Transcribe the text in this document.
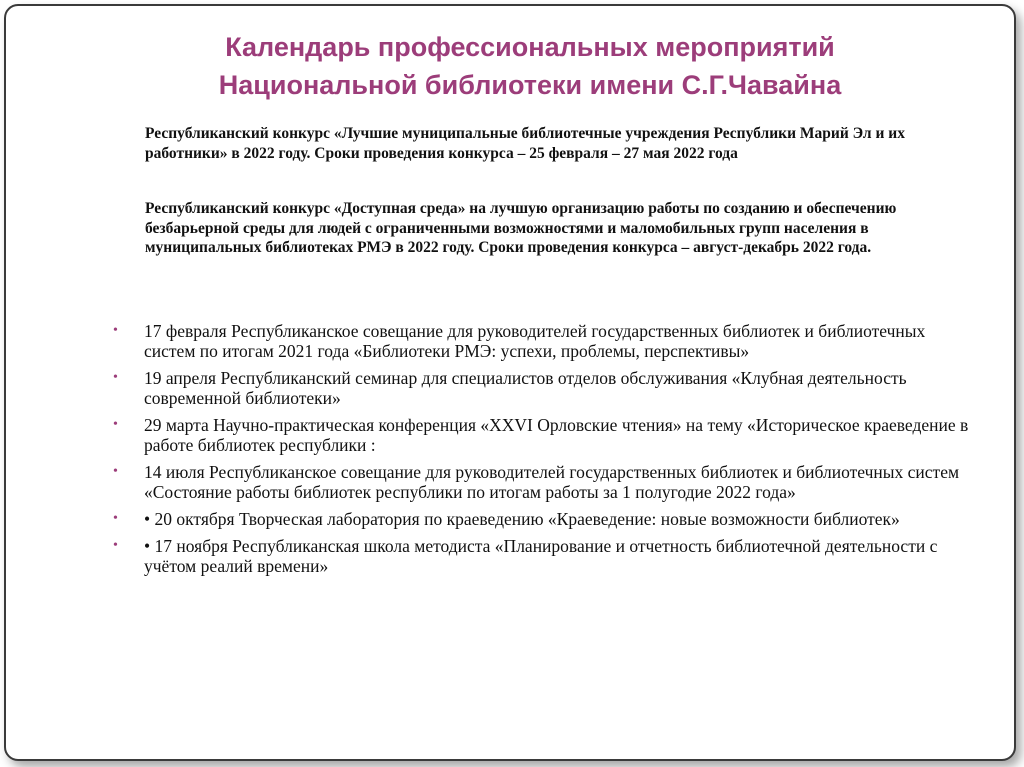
Календарь профессиональных мероприятий
Национальной библиотеки имени С.Г.Чавайна

Республиканский конкурс «Лучшие муниципальные библиотечные учреждения Республики Марий Эл и их работники» в 2022 году. Сроки проведения конкурса – 25 февраля – 27 мая 2022 года

Республиканский конкурс «Доступная среда» на лучшую организацию работы по созданию и обеспечению безбарьерной среды для людей с ограниченными возможностями и маломобильных групп населения в муниципальных библиотеках РМЭ в 2022 году. Сроки проведения конкурса – август-декабрь 2022 года.

• 17 февраля Республиканское совещание для руководителей государственных библиотек и библиотечных систем по итогам 2021 года «Библиотеки РМЭ: успехи, проблемы, перспективы»
• 19 апреля Республиканский семинар для специалистов отделов обслуживания «Клубная деятельность современной библиотеки»
• 29 марта Научно-практическая конференция «XXVI Орловские чтения» на тему «Историческое краеведение в работе библиотек республики :
• 14 июля Республиканское совещание для руководителей государственных библиотек и библиотечных систем «Состояние работы библиотек республики по итогам работы за 1 полугодие 2022 года»
• • 20 октября Творческая лаборатория по краеведению «Краеведение: новые возможности библиотек»
• • 17 ноября Республиканская школа методиста «Планирование и отчетность библиотечной деятельности с учётом реалий времени»
